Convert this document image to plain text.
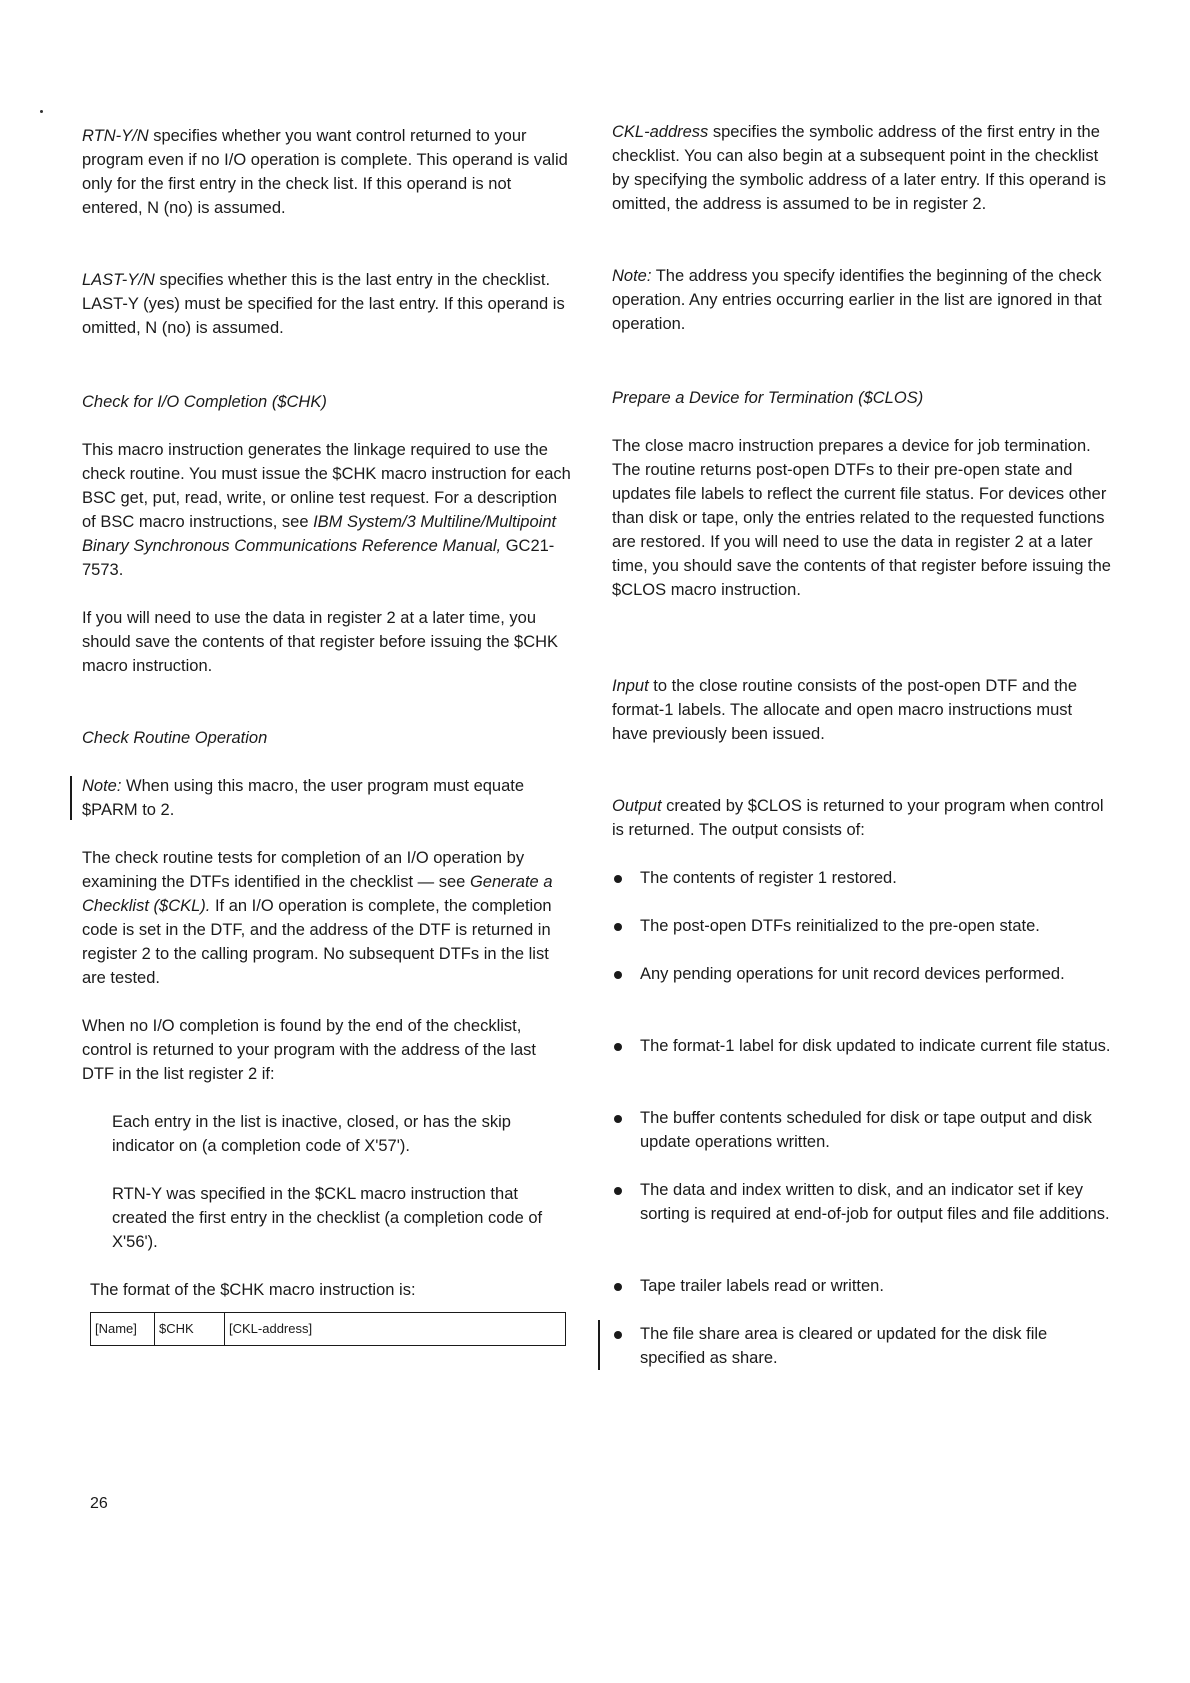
RTN-Y/N specifies whether you want control returned to your program even if no I/O operation is complete. This operand is valid only for the first entry in the check list. If this operand is not entered, N (no) is assumed.

LAST-Y/N specifies whether this is the last entry in the checklist. LAST-Y (yes) must be specified for the last entry. If this operand is omitted, N (no) is assumed.

Check for I/O Completion ($CHK)

This macro instruction generates the linkage required to use the check routine. You must issue the $CHK macro instruction for each BSC get, put, read, write, or online test request. For a description of BSC macro instructions, see IBM System/3 Multiline/Multipoint Binary Synchronous Communications Reference Manual, GC21-7573.

If you will need to use the data in register 2 at a later time, you should save the contents of that register before issuing the $CHK macro instruction.

Check Routine Operation

Note: When using this macro, the user program must equate $PARM to 2.

The check routine tests for completion of an I/O operation by examining the DTFs identified in the checklist — see Generate a Checklist ($CKL). If an I/O operation is complete, the completion code is set in the DTF, and the address of the DTF is returned in register 2 to the calling program. No subsequent DTFs in the list are tested.

When no I/O completion is found by the end of the checklist, control is returned to your program with the address of the last DTF in the list register 2 if:

Each entry in the list is inactive, closed, or has the skip indicator on (a completion code of X'57').

RTN-Y was specified in the $CKL macro instruction that created the first entry in the checklist (a completion code of X'56').

The format of the $CHK macro instruction is:

[Name]	$CHK	[CKL-address]

CKL-address specifies the symbolic address of the first entry in the checklist. You can also begin at a subsequent point in the checklist by specifying the symbolic address of a later entry. If this operand is omitted, the address is assumed to be in register 2.

Note: The address you specify identifies the beginning of the check operation. Any entries occurring earlier in the list are ignored in that operation.

Prepare a Device for Termination ($CLOS)

The close macro instruction prepares a device for job termination. The routine returns post-open DTFs to their pre-open state and updates file labels to reflect the current file status. For devices other than disk or tape, only the entries related to the requested functions are restored. If you will need to use the data in register 2 at a later time, you should save the contents of that register before issuing the $CLOS macro instruction.

Input to the close routine consists of the post-open DTF and the format-1 labels. The allocate and open macro instructions must have previously been issued.

Output created by $CLOS is returned to your program when control is returned. The output consists of:

The contents of register 1 restored.
The post-open DTFs reinitialized to the pre-open state.
Any pending operations for unit record devices performed.
The format-1 label for disk updated to indicate current file status.
The buffer contents scheduled for disk or tape output and disk update operations written.
The data and index written to disk, and an indicator set if key sorting is required at end-of-job for output files and file additions.
Tape trailer labels read or written.
The file share area is cleared or updated for the disk file specified as share.
26
